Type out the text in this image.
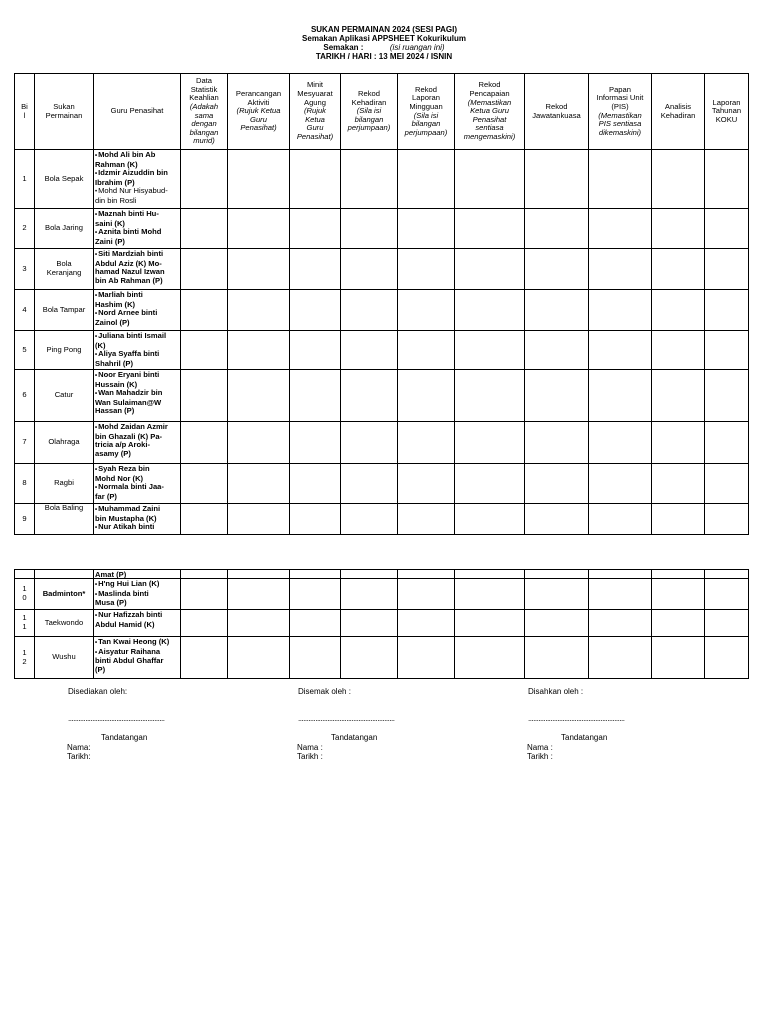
SUKAN PERMAINAN 2024 (SESI PAGI)
Semakan Aplikasi APPSHEET Kokurikulum
Semakan :	(isi ruangan ini)
TARIKH / HARI : 13 MEI 2024 / ISNIN
Bi
l
Sukan
Permainan	Guru Penasihat
Data
Statistik
Keahlian
(Adakah
sama
dengan
bilangan
murid)
Perancangan
Aktiviti
(Rujuk Ketua
Guru
Penasihat)
Minit
Mesyuarat
Agung
(Rujuk
Ketua
Guru
Penasihat)
Rekod
Kehadiran
(Sila isi
bilangan
perjumpaan)
Rekod
Laporan
Mingguan
(Sila isi
bilangan
perjumpaan)
Rekod
Pencapaian
(Memastikan
Ketua Guru
Penasihat
sentiasa
mengemaskini)
Rekod
Jawatankuasa
Papan
Informasi Unit
(PIS)
(Memastikan
PIS sentiasa
dikemaskini)
Analisis
Kehadiran
Laporan
Tahunan
KOKU
1 Bola Sepak
• Mohd Ali bin Ab
Rahman (K)
• Idzmir Aizuddin bin
Ibrahim (P)
• Mohd Nur Hisyabud-
din bin Rosli
2 Bola Jaring
• Maznah binti Hu-
saini (K)
• Aznita binti Mohd
Zaini (P)
3	Bola
Keranjang
• Siti Mardziah binti
Abdul Aziz (K) Mo-
hamad Nazul Izwan
bin Ab Rahman (P)
4 Bola Tampar
• Marliah binti
Hashim (K)
• Nord Arnee binti
Zainol (P)
5	Ping Pong
• Juliana binti Ismail
(K)
• Aliya Syaffa binti
Shahril (P)
6	Catur
• Noor Eryani binti
Hussain (K)
• Wan Mahadzir bin
Wan Sulaiman@W
Hassan (P)
7	Olahraga
• Mohd Zaidan Azmir
bin Ghazali (K) Pa-
tricia a/p Aroki-
asamy (P)
8	Ragbi
• Syah Reza bin
Mohd Nor (K)
• Normala binti Jaa-
far (P)
9
Bola Baling
•	Muhammad Zaini
bin Mustapha (K)
• Nur Atikah binti
Amat (P)
1
0 Badminton*
• H'ng Hui Lian (K)
• Maslinda binti
Musa (P)
1
1 Taekwondo
• Nur Hafizzah binti
Abdul Hamid (K)
1
2	Wushu
• Tan Kwai Heong (K)
• Aisyatur Raihana
binti Abdul Ghaffar
(P)
Disediakan oleh:
Nama:
Tarikh:
........................................................
Tandatangan
Disemak oleh :
Nama :
Tarikh :
........................................................
Tandatangan
Disahkan oleh :
Nama :
Tarikh :
........................................................
Tandatangan
